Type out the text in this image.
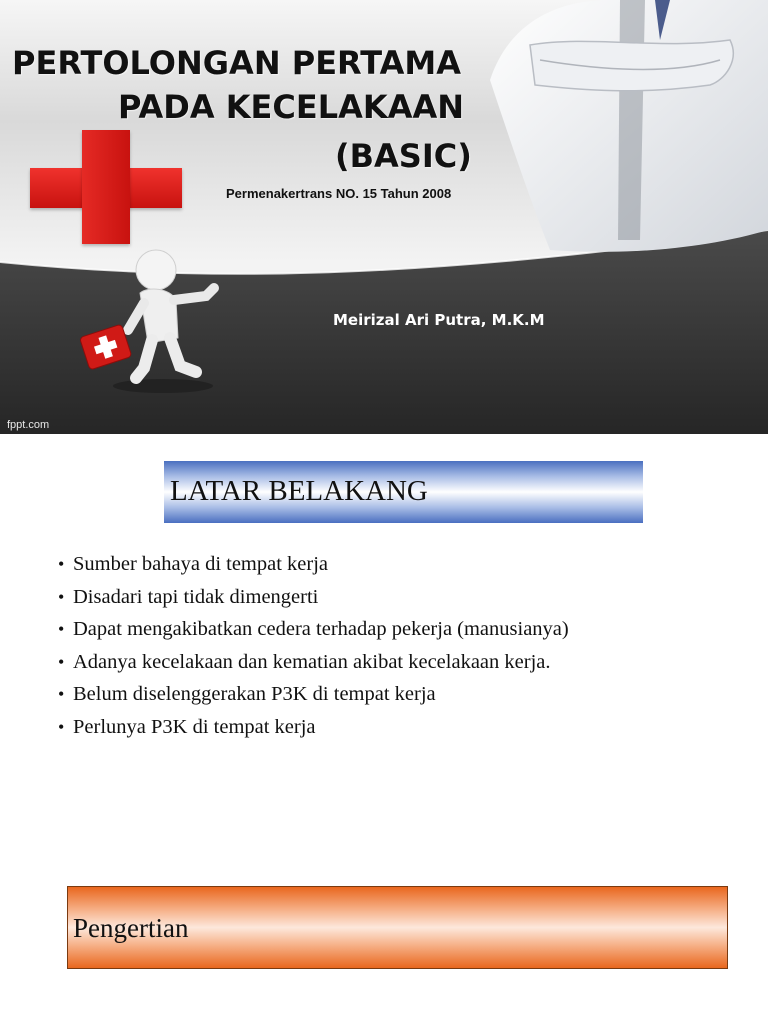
PERTOLONGAN PERTAMA
PADA KECELAKAAN
(BASIC)
Permenakertrans NO. 15 Tahun 2008
Meirizal Ari Putra, M.K.M
fppt.com
LATAR BELAKANG
• Sumber bahaya di tempat kerja
• Disadari tapi tidak dimengerti
• Dapat mengakibatkan cedera terhadap pekerja (manusianya)
• Adanya kecelakaan dan kematian akibat kecelakaan kerja.
• Belum diselenggerakan P3K di tempat kerja
• Perlunya P3K di tempat kerja
Pengertian
